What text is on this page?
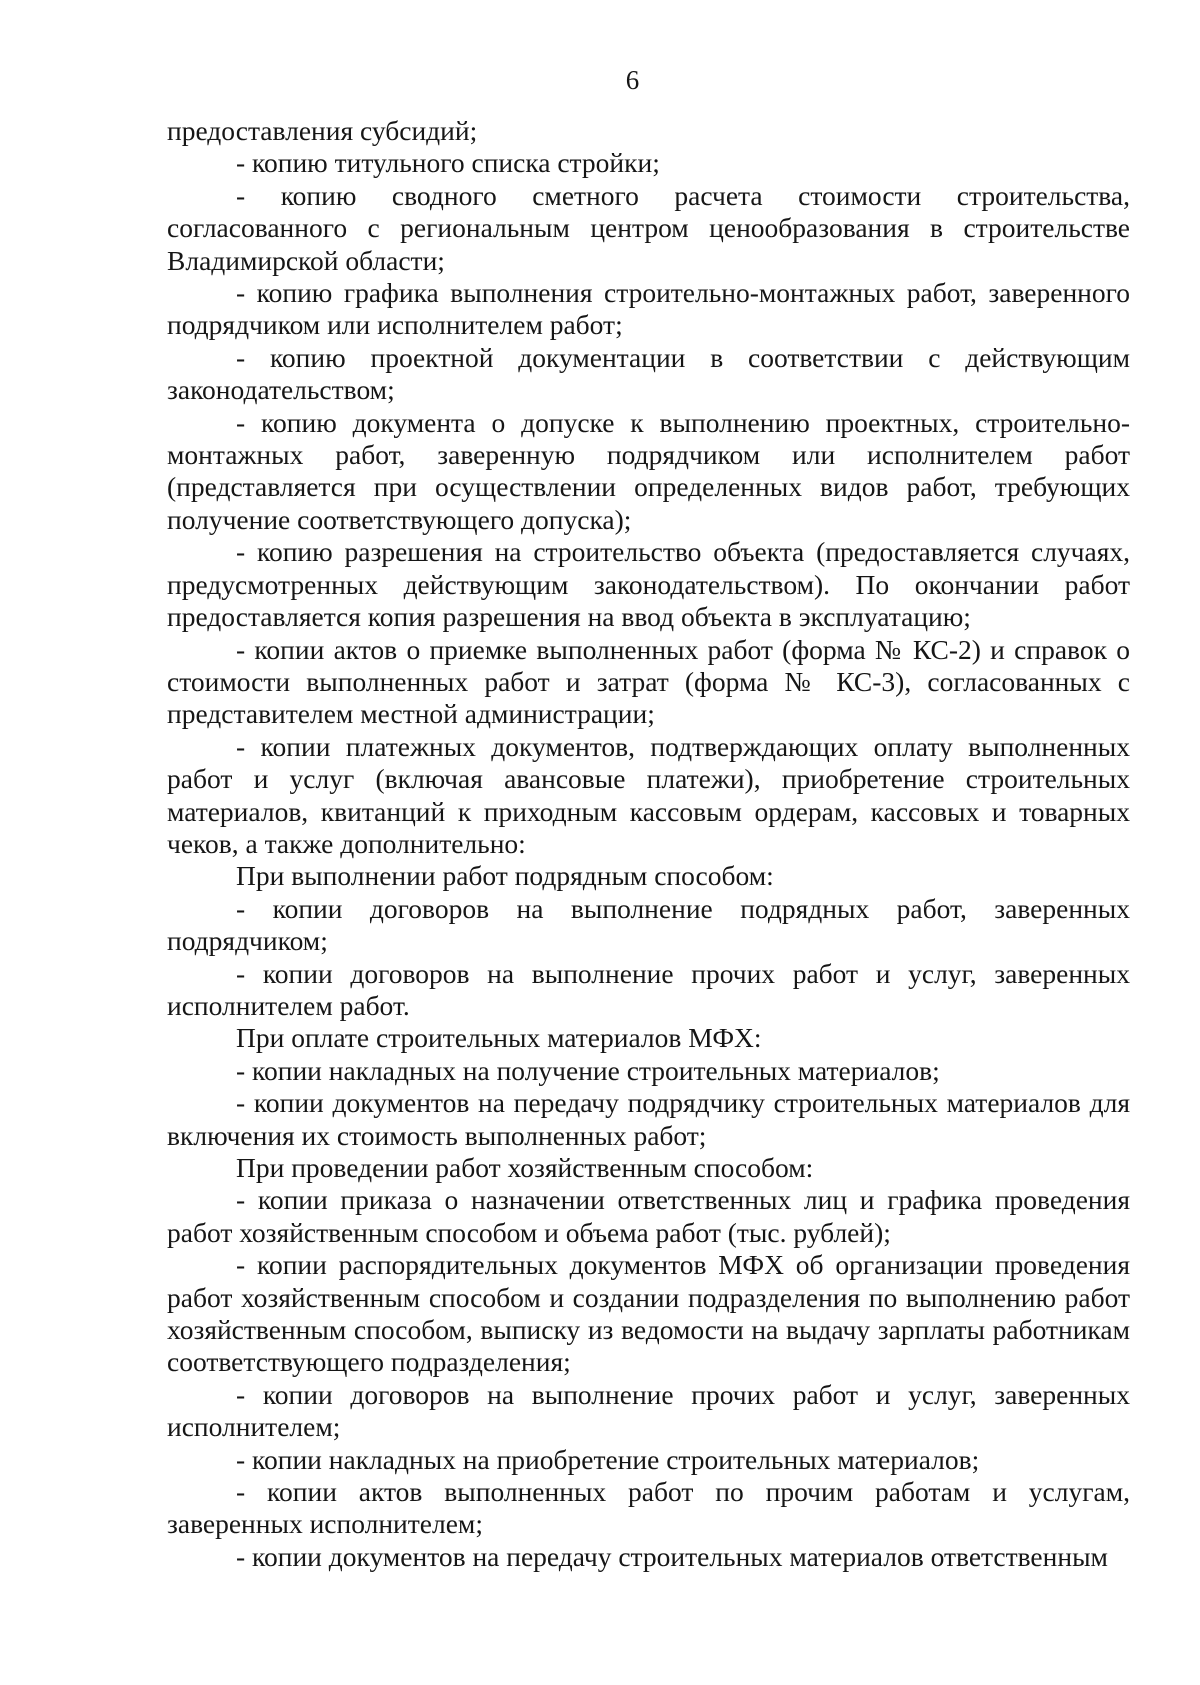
6

предоставления субсидий;

- копию титульного списка стройки;

- копию сводного сметного расчета стоимости строительства, согласованного с региональным центром ценообразования в строительстве Владимирской области;

- копию графика выполнения строительно-монтажных работ, заверенного подрядчиком или исполнителем работ;

- копию проектной документации в соответствии с действующим законодательством;

- копию документа о допуске к выполнению проектных, строительно-монтажных работ, заверенную подрядчиком или исполнителем работ (представляется при осуществлении определенных видов работ, требующих получение соответствующего допуска);

- копию разрешения на строительство объекта (предоставляется случаях, предусмотренных действующим законодательством). По окончании работ предоставляется копия разрешения на ввод объекта в эксплуатацию;

- копии актов о приемке выполненных работ (форма № КС-2) и справок о стоимости выполненных работ и затрат (форма № КС-3), согласованных с представителем местной администрации;

- копии платежных документов, подтверждающих оплату выполненных работ и услуг (включая авансовые платежи), приобретение строительных материалов, квитанций к приходным кассовым ордерам, кассовых и товарных чеков, а также дополнительно:

При выполнении работ подрядным способом:

- копии договоров на выполнение подрядных работ, заверенных подрядчиком;

- копии договоров на выполнение прочих работ и услуг, заверенных исполнителем работ.

При оплате строительных материалов МФХ:

- копии накладных на получение строительных материалов;

- копии документов на передачу подрядчику строительных материалов для включения их стоимость выполненных работ;

При проведении работ хозяйственным способом:

- копии приказа о назначении ответственных лиц и графика проведения работ хозяйственным способом и объема работ (тыс. рублей);

- копии распорядительных документов МФХ об организации проведения работ хозяйственным способом и создании подразделения по выполнению работ хозяйственным способом, выписку из ведомости на выдачу зарплаты работникам соответствующего подразделения;

- копии договоров на выполнение прочих работ и услуг, заверенных исполнителем;

- копии накладных на приобретение строительных материалов;

- копии актов выполненных работ по прочим работам и услугам, заверенных исполнителем;

- копии документов на передачу строительных материалов ответственным
